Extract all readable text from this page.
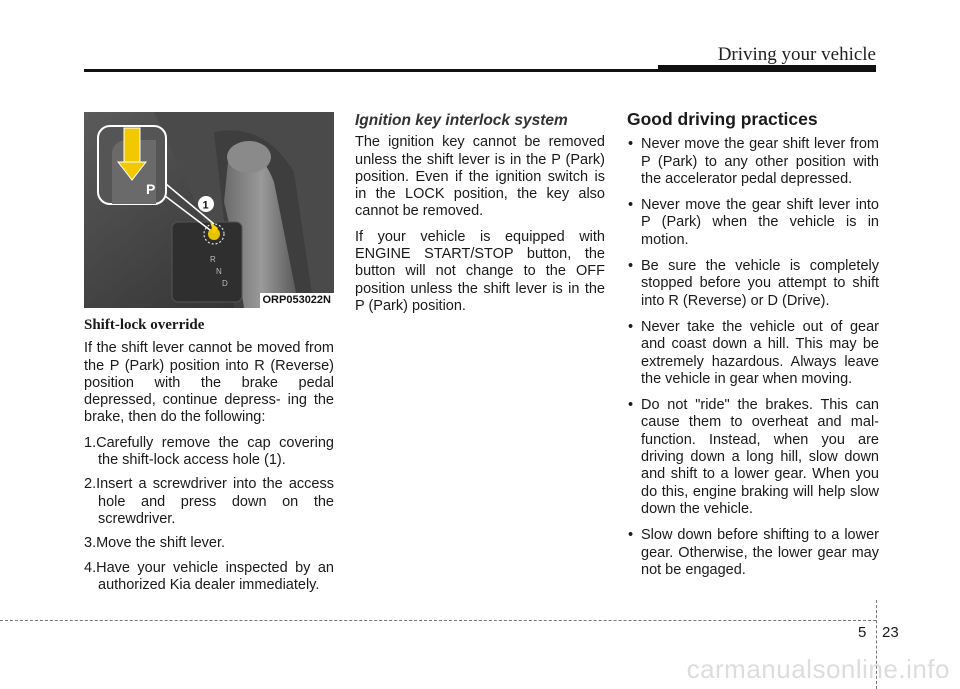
Driving your vehicle
R
N
D
P
1
ORP053022N
Shift-lock override

If the shift lever cannot be moved from the P (Park) position into R (Reverse) position with the brake pedal depressed, continue depress- ing the brake, then do the following:

1.Carefully remove the cap covering the shift-lock access hole (1).
2.Insert a screwdriver into the access hole and press down on the screwdriver.
3.Move the shift lever.
4.Have your vehicle inspected by an authorized Kia dealer immediately.
Ignition key interlock system

The ignition key cannot be removed unless the shift lever is in the P (Park) position. Even if the ignition switch is in the LOCK position, the key also cannot be removed.

If your vehicle is equipped with ENGINE START/STOP button, the button will not change to the OFF position unless the shift lever is in the P (Park) position.

Good driving practices
• Never move the gear shift lever from P (Park) to any other position with the accelerator pedal depressed.
• Never move the gear shift lever into P (Park) when the vehicle is in motion.
• Be sure the vehicle is completely stopped before you attempt to shift into R (Reverse) or D (Drive).
• Never take the vehicle out of gear and coast down a hill. This may be extremely hazardous. Always leave the vehicle in gear when moving.
• Do not "ride" the brakes. This can cause them to overheat and mal- function. Instead, when you are driving down a long hill, slow down and shift to a lower gear. When you do this, engine braking will help slow down the vehicle.
• Slow down before shifting to a lower gear. Otherwise, the lower gear may not be engaged.
5 23
carmanualsonline.info
